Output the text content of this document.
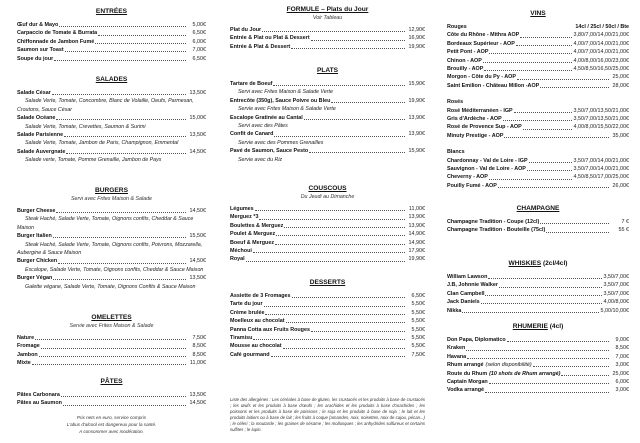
ENTRÉES
Œuf dur & Mayo	5,00€
Carpaccio de Tomate & Burrata	6,50€
Chiffonnade de Jambon Fumé	6,00€
Saumon sur Toast	7,00€
Soupe du jour	6,50€
SALADES
Salade César	13,50€
Salade Verte, Tomate, Concombre, Blanc de Volaille, Oeufs, Parmesan, Croutons, Sauce César
Salade Océane	15,00€
Salade Verte, Tomate, Crevettes, Saumon & Surimi
Salade Parisienne	13,50€
Salade Verte, Tomate, Jambon de Paris, Champignon, Emmental
Salade Auvergnate	14,50€
Salade verte, Tomate, Pomme Grenaille, Jambon de Pays
BURGERS
Servi avec Frites Maison & Salade
Burger Cheese	14,50€
Steak Haché, Salade Verte, Tomate, Oignons confits, Cheddar & Sauce Maison
Burger Italien	15,50€
Steak Haché, Salade Verte, Tomate, Oignons confits, Poivrons, Mozzarella, Aubergine & Sauce Maison
Burger Chicken	14,50€
Escalope, Salade Verte, Tomate, Oignons confits, Cheddar & Sauce Maison
Burger Végan	13,50€
Galette végane, Salade Verte, Tomate, Oignons Confits & Sauce Maison
OMELETTES
Servie avec Frites Maison & Salade
Nature	7,50€
Fromage	8,50€
Jambon	8,50€
Mixte	11,00€
PÂTES
Pâtes Carbonara	13,50€
Pâtes au Saumon	14,50€
Prix nets en euro, service compris
L'abus d'alcool est dangereux pour la santé.
A consommer avec modération.
FORMULE – Plats du Jour
Voir Tableau
Plat du Jour	12,90€
Entrée & Plat ou Plat & Dessert	16,90€
Entrée & Plat & Dessert	19,90€
PLATS
Tartare de Boeuf	15,90€
Servi avec Frites Maison & Salade Verte
Entrecôte (350g), Sauce Poivre ou Bleu	19,90€
Servie avec Frites Maison & Salade Verte
Escalope Gratinée au Cantal	13,90€
Servi avec des Pâtes
Confit de Canard	13,90€
Servie avec des Pommes Grenailles
Pavé de Saumon, Sauce Pesto	15,90€
Servie avec du Riz
COUSCOUS
Du Jeudi au Dimanche
Légumes	11,00€
Merguez *3	13,90€
Boulettes & Merguez	13,90€
Poulet & Merguez	14,90€
Boeuf & Merguez	14,90€
Méchoui	17,90€
Royal	19,90€
DESSERTS
Assiette de 3 Fromages	6,50€
Tarte du jour	5,50€
Crème brulée	5,50€
Moelleux au chocolat	5,50€
Panna Cotta aux Fruits Rouges	5,50€
Tiramisu	5,50€
Mousse au chocolat	5,50€
Café gourmand	7,50€
Liste des allergènes : Les céréales à base de gluten, les crustacés et les produits à base de crustacés ; les œufs et les produits à base d'œufs ; les arachides et les produits à base d'arachides ; les poissons et les produits à base de poissons ; le soja et les produits à base de soja ; le lait et les produits laitiers ou à base de lait ; les fruits à coque (amandes, noix, noisettes, noix de cajou, pécan...) ; le céleri ; la moutarde ; les graines de sésame ; les mollusques ; les anhydrides sulfureux et certains sulfites ; le lupin.
VINS
Rouges	14cl / 25cl / 50cl / Bte
Côte du Rhône - Mithra AOP	3,80/7,00/14,00/21,00€
Bordeaux Supérieur - AOP	4,00/7,00/14,00/21,00€
Petit Pont - AOP	4,00/7,00/14,00/21,00€
Chinon - AOP	4,00/8,00/16,00/23,00€
Brouilly - AOP	4,50/8,50/16,50/25,00€
Morgon - Côte du Py - AOP	25,00€
Saint Emilion - Château Millon -AOP	28,00€
Rosés
Rosé Méditerranéen - IGP	3,50/7,00/13,50/21,00€
Gris d'Ardèche - AOP	3,50/7,00/13,50/21,00€
Rosé de Provence Sup - AOP	4,00/8,00/15,50/22,00€
Minuty Prestige - AOP	35,00€
Blancs
Chardonnay - Val de Loire - IGP	3,50/7,00/14,00/21,00€
Sauvignon - Val de Loire - AOP	3,50/7,00/14,00/21,00€
Cheverny - AOP	4,50/8,50/17,00/25,00€
Pouilly Fumé - AOP	26,00€
CHAMPAGNE
Champagne Tradition - Coupe (12cl)	7 €
Champagne Tradition - Bouteille (75cl)	55 €
WHISKIES (2cl/4cl)
William Lawson	3,50/7,00€
J.B, Johnnie Walker	3,50/7,00€
Clan Campbell	3,50/7,00€
Jack Daniels	4,00/8,00€
Nikka	5,00/10,00€
RHUMERIE (4cl)
Don Papa, Diplomatico	9,00€
Kraken	8,50€
Havana	7,00€
Rhum arrangé (selon disponibilité)	3,00€
Route du Rhum (10 shots de Rhum arrangé)	25,00€
Captain Morgan	6,00€
Vodka arrangé	3,00€
